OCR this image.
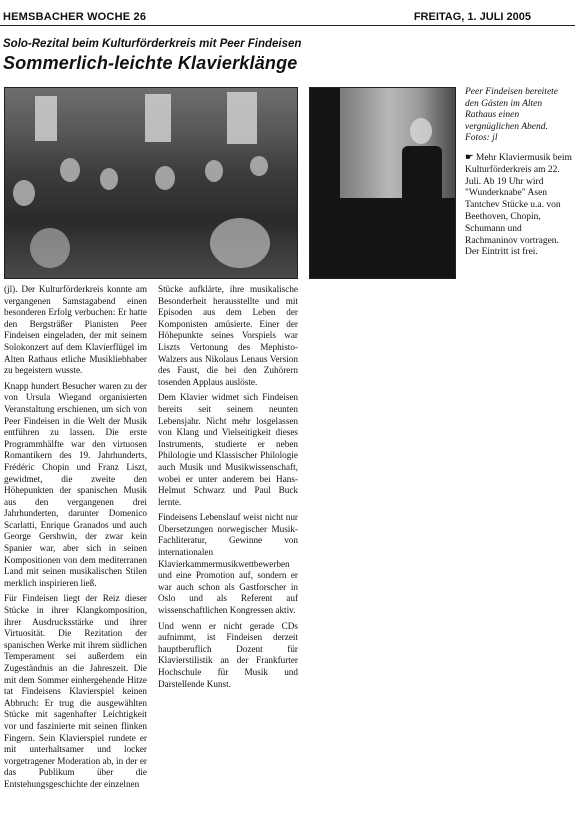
HEMSBACHER WOCHE 26	FREITAG, 1. JULI 2005
Solo-Rezital beim Kulturförderkreis mit Peer Findeisen
Sommerlich-leichte Klavierklänge
Peer Findeisen bereitete den Gästen im Alten Rathaus einen vergnüglichen Abend. Fotos: jl
☛ Mehr Klaviermusik beim Kulturförderkreis am 22. Juli. Ab 19 Uhr wird "Wunderknabe" Asen Tantchev Stücke u.a. von Beethoven, Chopin, Schumann und Rachmaninov vortragen. Der Eintritt ist frei.

(jl). Der Kulturförderkreis konnte am vergangenen Samstagabend einen besonderen Erfolg verbuchen: Er hatte den Bergsträßer Pianisten Peer Findeisen eingeladen, der mit seinem Solokonzert auf dem Klavierflügel im Alten Rathaus etliche Musikliebhaber zu begeistern wusste.

Knapp hundert Besucher waren zu der von Ursula Wiegand organisierten Veranstaltung erschienen, um sich von Peer Findeisen in die Welt der Musik entführen zu lassen. Die erste Programmhälfte war den virtuosen Romantikern des 19. Jahrhunderts, Frédéric Chopin und Franz Liszt, gewidmet, die zweite den Höhepunkten der spanischen Musik aus den vergangenen drei Jahrhunderten, darunter Domenico Scarlatti, Enrique Granados und auch George Gershwin, der zwar kein Spanier war, aber sich in seinen Kompositionen von dem mediterranen Land mit seinen musikalischen Stilen merklich inspirieren ließ.

Für Findeisen liegt der Reiz dieser Stücke in ihrer Klangkomposition, ihrer Ausdrucksstärke und ihrer Virtuosität. Die Rezitation der spanischen Werke mit ihrem südlichen Temperament sei außerdem ein Zugeständnis an die Jahreszeit. Die mit dem Sommer einhergehende Hitze tat Findeisens Klavierspiel keinen Abbruch: Er trug die ausgewählten Stücke mit sagenhafter Leichtigkeit vor und faszinierte mit seinen flinken Fingern. Sein Klavierspiel rundete er mit unterhaltsamer und locker vorgetragener Moderation ab, in der er das Publikum über die Entstehungsgeschichte der einzelnen

Stücke aufklärte, ihre musikalische Besonderheit herausstellte und mit Episoden aus dem Leben der Komponisten amüsierte. Einer der Höhepunkte seines Vorspiels war Liszts Vertonung des Mephisto-Walzers aus Nikolaus Lenaus Version des Faust, die bei den Zuhörern tosenden Applaus auslöste.

Dem Klavier widmet sich Findeisen bereits seit seinem neunten Lebensjahr. Nicht mehr losgelassen von Klang und Vielseitigkeit dieses Instruments, studierte er neben Philologie und Klassischer Philologie auch Musik und Musikwissenschaft, wobei er unter anderem bei Hans-Helmut Schwarz und Paul Buck lernte.

Findeisens Lebenslauf weist nicht nur Übersetzungen norwegischer Musik-Fachliteratur, Gewinne von internationalen Klavierkammermusikwettbewerben und eine Promotion auf, sondern er war auch schon als Gastforscher in Oslo und als Referent auf wissenschaftlichen Kongressen aktiv.

Und wenn er nicht gerade CDs aufnimmt, ist Findeisen derzeit hauptberuflich Dozent für Klavierstilistik an der Frankfurter Hochschule für Musik und Darstellende Kunst.
